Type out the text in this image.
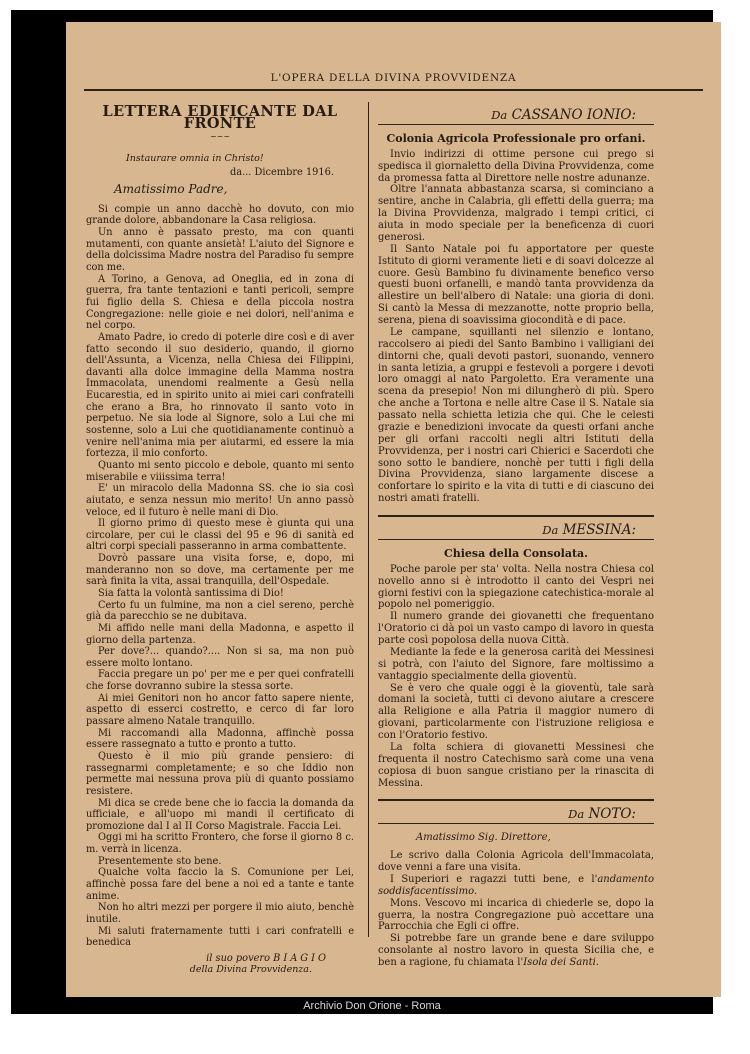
L'OPERA DELLA DIVINA PROVVIDENZA
LETTERA EDIFICANTE DAL FRONTE
~~~
Instaurare omnia in Christo!
da... Dicembre 1916.
Amatissimo Padre,

Si compie un anno dacchè ho dovuto, con mio grande dolore, abbandonare la Casa religiosa.

Un anno è passato presto, ma con quanti mutamenti, con quante ansietà! L'aiuto del Signore e della dolcissima Madre nostra del Paradiso fu sempre con me.

A Torino, a Genova, ad Oneglia, ed in zona di guerra, fra tante tentazioni e tanti pericoli, sempre fui figlio della S. Chiesa e della piccola nostra Congregazione: nelle gioie e nei dolori, nell'anima e nel corpo.

Amato Padre, io credo di poterle dire così e di aver fatto secondo il suo desiderio, quando, il giorno dell'Assunta, a Vicenza, nella Chiesa dei Filippini, davanti alla dolce immagine della Mamma nostra Immacolata, unendomi realmente a Gesù nella Eucarestia, ed in spirito unito ai miei cari confratelli che erano a Bra, ho rinnovato il santo voto in perpetuo. Ne sia lode al Signore, solo a Lui che mi sostenne, solo a Lui che quotidianamente continuò a venire nell'anima mia per aiutarmi, ed essere la mia fortezza, il mio conforto.

Quanto mi sento piccolo e debole, quanto mi sento miserabile e viiissima terra!

E' un miracolo della Madonna SS. che io sia così aiutato, e senza nessun mio merito! Un anno passò veloce, ed il futuro è nelle mani di Dio.

Il giorno primo di questo mese è giunta qui una circolare, per cui le classi del 95 e 96 di sanità ed altri corpi speciali passeranno in arma combattente.

Dovrò passare una visita forse, e, dopo, mi manderanno non so dove, ma certamente per me sarà finita la vita, assai tranquilla, dell'Ospedale.

Sia fatta la volontà santissima di Dio!

Certo fu un fulmine, ma non a ciel sereno, perchè già da parecchio se ne dubitava.

Mi affido nelle mani della Madonna, e aspetto il giorno della partenza.

Per dove?... quando?.... Non si sa, ma non può essere molto lontano.

Faccia pregare un po' per me e per quei confratelli che forse dovranno subire la stessa sorte.

Ai miei Genitori non ho ancor fatto sapere niente, aspetto di esserci costretto, e cerco di far loro passare almeno Natale tranquillo.

Mi raccomandi alla Madonna, affinchè possa essere rassegnato a tutto e pronto a tutto.

Questo è il mio più grande pensiero: di rassegnarmi completamente; e so che Iddio non permette mai nessuna prova più di quanto possiamo resistere.

Mi dica se crede bene che io faccia la domanda da ufficiale, e all'uopo mi mandi il certificato di promozione dal I al II Corso Magistrale. Faccia Lei.

Oggi mi ha scritto Frontero, che forse il giorno 8 c. m. verrà in licenza.

Presentemente sto bene.

Qualche volta faccio la S. Comunione per Lei, affinchè possa fare del bene a noi ed a tante e tante anime.

Non ho altri mezzi per porgere il mio aiuto, benchè inutile.

Mi saluti fraternamente tutti i cari confratelli e benedica

il suo povero BIAGIO
della Divina Provvidenza.
Da CASSANO IONIO:
Colonia Agricola Professionale pro orfani.

Invio indirizzi di ottime persone cui prego si spedisca il giornaletto della Divina Provvidenza, come da promessa fatta al Direttore nelle nostre adunanze.

Oltre l'annata abbastanza scarsa, si cominciano a sentire, anche in Calabria, gli effetti della guerra; ma la Divina Provvidenza, malgrado i tempi critici, ci aiuta in modo speciale per la beneficenza di cuori generosi.

Il Santo Natale poi fu apportatore per queste Istituto di giorni veramente lieti e di soavi dolcezze al cuore. Gesù Bambino fu divinamente benefico verso questi buoni orfanelli, e mandò tanta provvidenza da allestire un bell'albero di Natale: una gioria di doni. Si cantò la Messa di mezzanotte, notte proprio bella, serena, piena di soavissima giocondità e di pace.

Le campane, squillanti nel silenzio e lontano, raccolsero ai piedi del Santo Bambino i valligiani dei dintorni che, quali devoti pastori, suonando, vennero in santa letizia, a gruppi e festevoli a porgere i devoti loro omaggi al nato Pargoletto. Era veramente una scena da presepio! Non mi dilungherò di più. Spero che anche a Tortona e nelle altre Case il S. Natale sia passato nella schietta letizia che qui. Che le celesti grazie e benedizioni invocate da questi orfani anche per gli orfani raccolti negli altri Istituti della Provvidenza, per i nostri cari Chierici e Sacerdoti che sono sotto le bandiere, nonchè per tutti i figli della Divina Provvidenza, siano largamente discese a confortare lo spirito e la vita di tutti e di ciascuno dei nostri amati fratelli.

Da MESSINA:
Chiesa della Consolata.

Poche parole per sta' volta. Nella nostra Chiesa col novello anno si è introdotto il canto dei Vespri nei giorni festivi con la spiegazione catechistica-morale al popolo nel pomeriggio.

Il numero grande dei giovanetti che frequentano l'Oratorio ci dà poi un vasto campo di lavoro in questa parte così popolosa della nuova Città.

Mediante la fede e la generosa carità dei Messinesi si potrà, con l'aiuto del Signore, fare moltissimo a vantaggio specialmente della gioventù.

Se è vero che quale oggi è la gioventù, tale sarà domani la società, tutti ci devono aiutare a crescere alla Religione e alla Patria il maggior numero di giovani, particolarmente con l'istruzione religiosa e con l'Oratorio festivo.

La folta schiera di giovanetti Messinesi che frequenta il nostro Catechismo sarà come una vena copiosa di buon sangue cristiano per la rinascita di Messina.

Da NOTO:
Amatissimo Sig. Direttore,

Le scrivo dalla Colonia Agricola dell'Immacolata, dove venni a fare una visita.

I Superiori e ragazzi tutti bene, e l'andamento soddisfacentissimo.

Mons. Vescovo mi incarica di chiederle se, dopo la guerra, la nostra Congregazione può accettare una Parrocchia che Egli ci offre.

Si potrebbe fare un grande bene e dare sviluppo consolante al nostro lavoro in questa Sicilia che, e ben a ragione, fu chiamata l'Isola dei Santi.

Archivio Don Orione - Roma
